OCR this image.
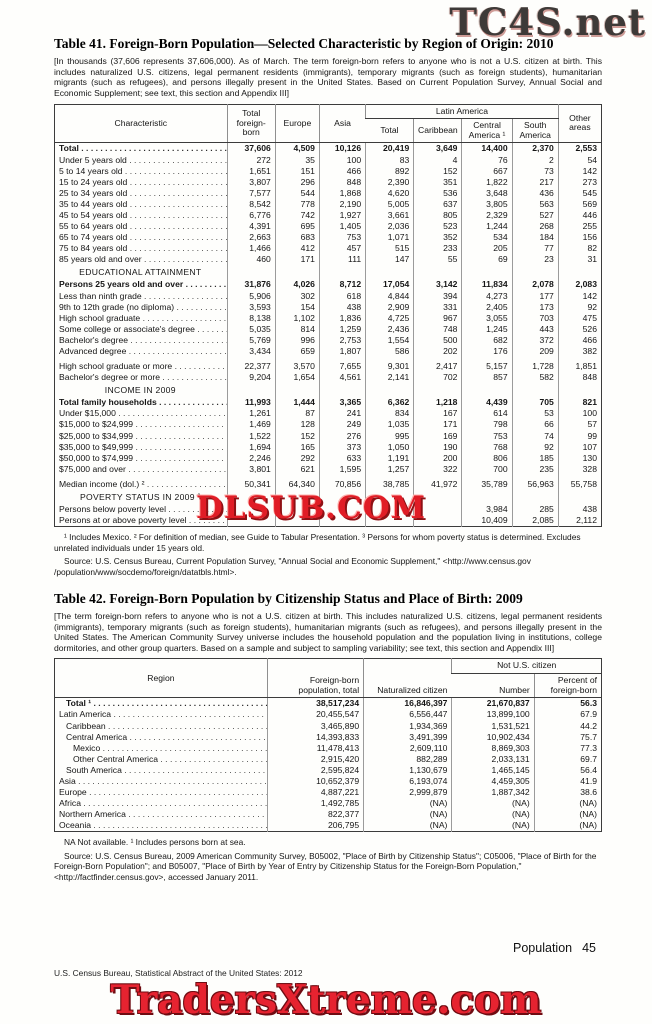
TC4S.net
Table 41. Foreign-Born Population—Selected Characteristic by Region of Origin: 2010
[In thousands (37,606 represents 37,606,000). As of March. The term foreign-born refers to anyone who is not a U.S. citizen at birth. This includes naturalized U.S. citizens, legal permanent residents (immigrants), temporary migrants (such as foreign students), humanitarian migrants (such as refugees), and persons illegally present in the United States. Based on Current Population Survey, Annual Social and Economic Supplement; see text, this section and Appendix III]
Characteristic	Total foreign-born	Europe	Asia	Latin America				Other areas
				Total	Caribbean	Central America ¹	South America	
Total . . .	37,606	4,509	10,126	20,419	3,649	14,400	2,370	2,553
Under 5 years old . . .	272	35	100	83	4	76	2	54
5 to 14 years old . . .	1,651	151	466	892	152	667	73	142
15 to 24 years old . . .	3,807	296	848	2,390	351	1,822	217	273
25 to 34 years old . . .	7,577	544	1,868	4,620	536	3,648	436	545
35 to 44 years old . . .	8,542	778	2,190	5,005	637	3,805	563	569
45 to 54 years old . . .	6,776	742	1,927	3,661	805	2,329	527	446
55 to 64 years old . . .	4,391	695	1,405	2,036	523	1,244	268	255
65 to 74 years old . . .	2,663	683	753	1,071	352	534	184	156
75 to 84 years old . . .	1,466	412	457	515	233	205	77	82
85 years old and over . . .	460	171	111	147	55	69	23	31
EDUCATIONAL ATTAINMENT								
Persons 25 years old and over . . .	31,876	4,026	8,712	17,054	3,142	11,834	2,078	2,083
Less than ninth grade . . .	5,906	302	618	4,844	394	4,273	177	142
9th to 12th grade (no diploma) . . .	3,593	154	438	2,909	331	2,405	173	92
High school graduate . . .	8,138	1,102	1,836	4,725	967	3,055	703	475
Some college or associate's degree . . .	5,035	814	1,259	2,436	748	1,245	443	526
Bachelor's degree . . .	5,769	996	2,753	1,554	500	682	372	466
Advanced degree . . .	3,434	659	1,807	586	202	176	209	382
High school graduate or more . . .	22,377	3,570	7,655	9,301	2,417	5,157	1,728	1,851
Bachelor's degree or more . . .	9,204	1,654	4,561	2,141	702	857	582	848
INCOME IN 2009								
Total family households . . .	11,993	1,444	3,365	6,362	1,218	4,439	705	821
Under $15,000 . . .	1,261	87	241	834	167	614	53	100
$15,000 to $24,999 . . .	1,469	128	249	1,035	171	798	66	57
$25,000 to $34,999 . . .	1,522	152	276	995	169	753	74	99
$35,000 to $49,999 . . .	1,694	165	373	1,050	190	768	92	107
$50,000 to $74,999 . . .	2,246	292	633	1,191	200	806	185	130
$75,000 and over . . .	3,801	621	1,595	1,257	322	700	235	328
Median income (dol.) ² . . .	50,341	64,340	70,856	38,785	41,972	35,789	56,963	55,758
POVERTY STATUS IN 2009 ³								
Persons below poverty level . . .						3,984	285	438
Persons at or above poverty level . . .						10,409	2,085	2,112
¹ Includes Mexico. ² For definition of median, see Guide to Tabular Presentation. ³ Persons for whom poverty status is determined. Excludes unrelated individuals under 15 years old.
Source: U.S. Census Bureau, Current Population Survey, "Annual Social and Economic Supplement," <http://www.census.gov /population/www/socdemo/foreign/datatbls.html>.
Table 42. Foreign-Born Population by Citizenship Status and Place of Birth: 2009
[The term foreign-born refers to anyone who is not a U.S. citizen at birth. This includes naturalized U.S. citizens, legal permanent residents (immigrants), temporary migrants (such as foreign students), humanitarian migrants (such as refugees), and persons illegally present in the United States. The American Community Survey universe includes the household population and the population living in institutions, college dormitories, and other group quarters. Based on a sample and subject to sampling variability; see text, this section and Appendix III]
Region	Foreign-born population, total	Naturalized citizen	Not U.S. citizen	
			Number	Percent of foreign-born
Total ¹ . . .	38,517,234	16,846,397	21,670,837	56.3
Latin America . . .	20,455,547	6,556,447	13,899,100	67.9
Caribbean . . .	3,465,890	1,934,369	1,531,521	44.2
Central America . . .	14,393,833	3,491,399	10,902,434	75.7
Mexico . . .	11,478,413	2,609,110	8,869,303	77.3
Other Central America . . .	2,915,420	882,289	2,033,131	69.7
South America . . .	2,595,824	1,130,679	1,465,145	56.4
Asia . . .	10,652,379	6,193,074	4,459,305	41.9
Europe . . .	4,887,221	2,999,879	1,887,342	38.6
Africa . . .	1,492,785	(NA)	(NA)	(NA)
Northern America . . .	822,377	(NA)	(NA)	(NA)
Oceania . . .	206,795	(NA)	(NA)	(NA)
NA Not available. ¹ Includes persons born at sea.
Source: U.S. Census Bureau, 2009 American Community Survey, B05002, "Place of Birth by Citizenship Status"; C05006, "Place of Birth for the Foreign-Born Population"; and B05007, "Place of Birth by Year of Entry by Citizenship Status for the Foreign-Born Population," <http://factfinder.census.gov>, accessed January 2011.
DLSUB.COM
Population 45
U.S. Census Bureau, Statistical Abstract of the United States: 2012
TradersXtreme.com
